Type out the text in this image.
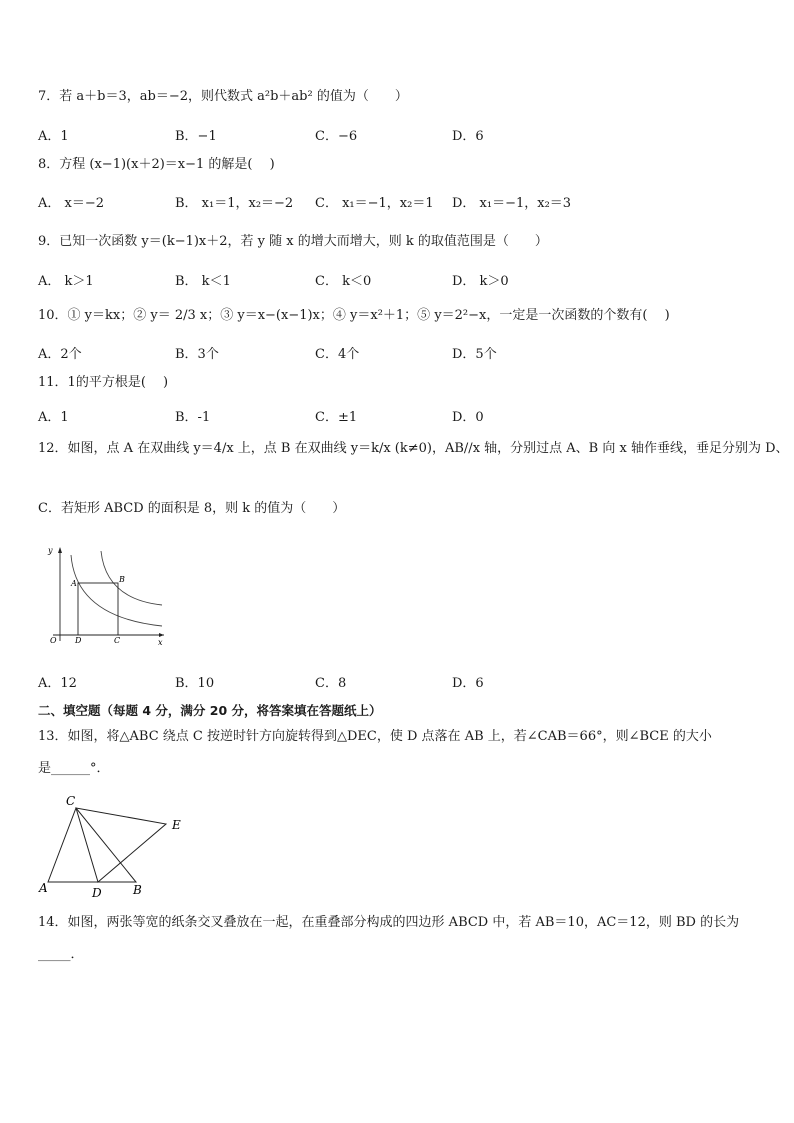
7．若 a＋b＝3，ab＝−2，则代数式 a²b＋ab² 的值为（　　）
A．1	B．−1	C．−6	D．6
8．方程 (x−1)(x＋2)＝x−1 的解是(　 )
A． x＝−2	B． x₁＝1，x₂＝−2 C． x₁＝−1，x₂＝1 D． x₁＝−1，x₂＝3
9．已知一次函数 y＝(k−1)x＋2，若 y 随 x 的增大而增大，则 k 的取值范围是（　　）
A． k＞1	B． k＜1	C． k＜0	D． k＞0
10．① y＝kx；② y＝ 2/3 x；③ y＝x−(x−1)x；④ y＝x²＋1；⑤ y＝2²−x，一定是一次函数的个数有(　 )
A．2个	B．3个	C．4个	D．5个
11．1的平方根是(　 )
A．1	B．-1	C．±1	D．0
12．如图，点 A 在双曲线 y＝4/x 上，点 B 在双曲线 y＝k/x (k≠0)，AB//x 轴，分别过点 A、B 向 x 轴作垂线，垂足分别为 D、
C．若矩形 ABCD 的面积是 8，则 k 的值为（　　）
y
x
O
A	B
C
D
A．12	B．10	C．8	D．6
二、填空题（每题 4 分，满分 20 分，将答案填在答题纸上）
13．如图，将△ABC 绕点 C 按逆时针方向旋转得到△DEC，使 D 点落在 AB 上，若∠CAB＝66°，则∠BCE 的大小
是______°．
C
E
A	D	B
14．如图，两张等宽的纸条交叉叠放在一起，在重叠部分构成的四边形 ABCD 中，若 AB＝10，AC＝12，则 BD 的长为
_____．
